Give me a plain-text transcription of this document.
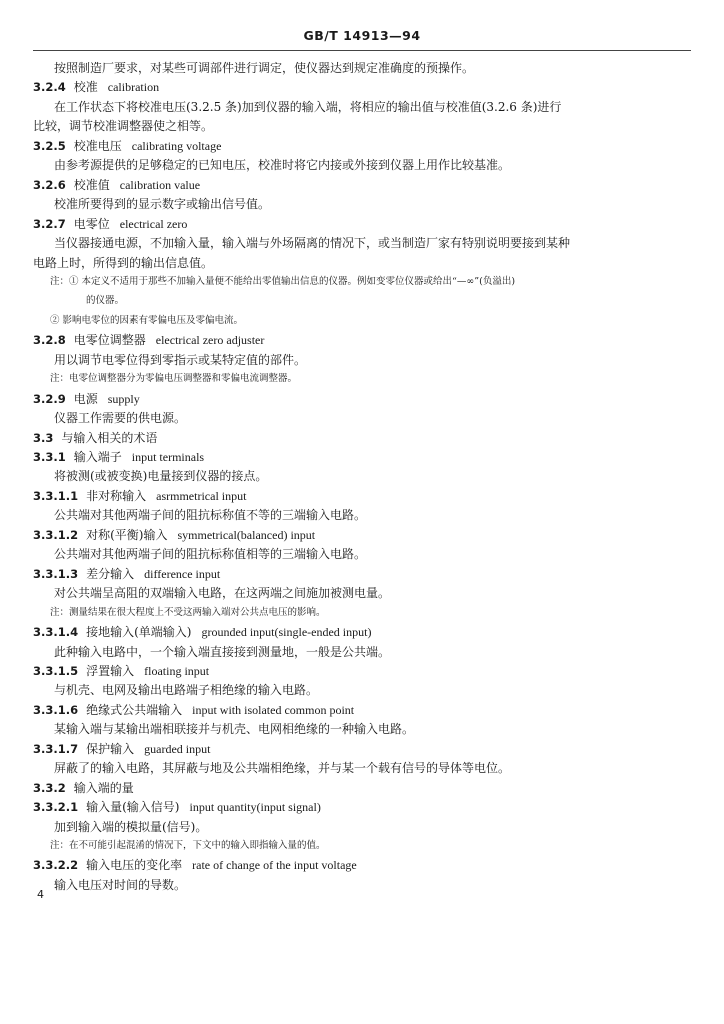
GB/T 14913—94
按照制造厂要求，对某些可调部件进行调定，使仪器达到规定准确度的预操作。
3.2.4 校准 calibration
在工作状态下将校准电压(3.2.5 条)加到仪器的输入端，将相应的输出值与校准值(3.2.6 条)进行
比较，调节校准调整器使之相等。
3.2.5 校准电压 calibrating voltage
由参考源提供的足够稳定的已知电压，校准时将它内接或外接到仪器上用作比较基准。
3.2.6 校准值 calibration value
校准所要得到的显示数字或输出信号值。
3.2.7 电零位 electrical zero
当仪器接通电源，不加输入量，输入端与外场隔离的情况下，或当制造厂家有特别说明要接到某种
电路上时，所得到的输出信息值。
注：① 本定义不适用于那些不加输入量便不能给出零值输出信息的仪器。例如变零位仪器或给出“—∞”(负溢出)
的仪器。
② 影响电零位的因素有零偏电压及零偏电流。
3.2.8 电零位调整器 electrical zero adjuster
用以调节电零位得到零指示或某特定值的部件。
注：电零位调整器分为零偏电压调整器和零偏电流调整器。
3.2.9 电源 supply
仪器工作需要的供电源。
3.3 与输入相关的术语
3.3.1 输入端子 input terminals
将被测(或被变换)电量接到仪器的接点。
3.3.1.1 非对称输入 asrmmetrical input
公共端对其他两端子间的阻抗标称值不等的三端输入电路。
3.3.1.2 对称(平衡)输入 symmetrical(balanced) input
公共端对其他两端子间的阻抗标称值相等的三端输入电路。
3.3.1.3 差分输入 difference input
对公共端呈高阻的双端输入电路，在这两端之间施加被测电量。
注：测量结果在很大程度上不受这两输入端对公共点电压的影响。
3.3.1.4 接地输入(单端输入) grounded input(single-ended input)
此种输入电路中，一个输入端直接接到测量地，一般是公共端。
3.3.1.5 浮置输入 floating input
与机壳、电网及输出电路端子相绝缘的输入电路。
3.3.1.6 绝缘式公共端输入 input with isolated common point
某输入端与某输出端相联接并与机壳、电网相绝缘的一种输入电路。
3.3.1.7 保护输入 guarded input
屏蔽了的输入电路，其屏蔽与地及公共端相绝缘，并与某一个载有信号的导体等电位。
3.3.2 输入端的量
3.3.2.1 输入量(输入信号) input quantity(input signal)
加到输入端的模拟量(信号)。
注：在不可能引起混淆的情况下，下文中的输入即指输入量的值。
3.3.2.2 输入电压的变化率 rate of change of the input voltage
输入电压对时间的导数。
4
